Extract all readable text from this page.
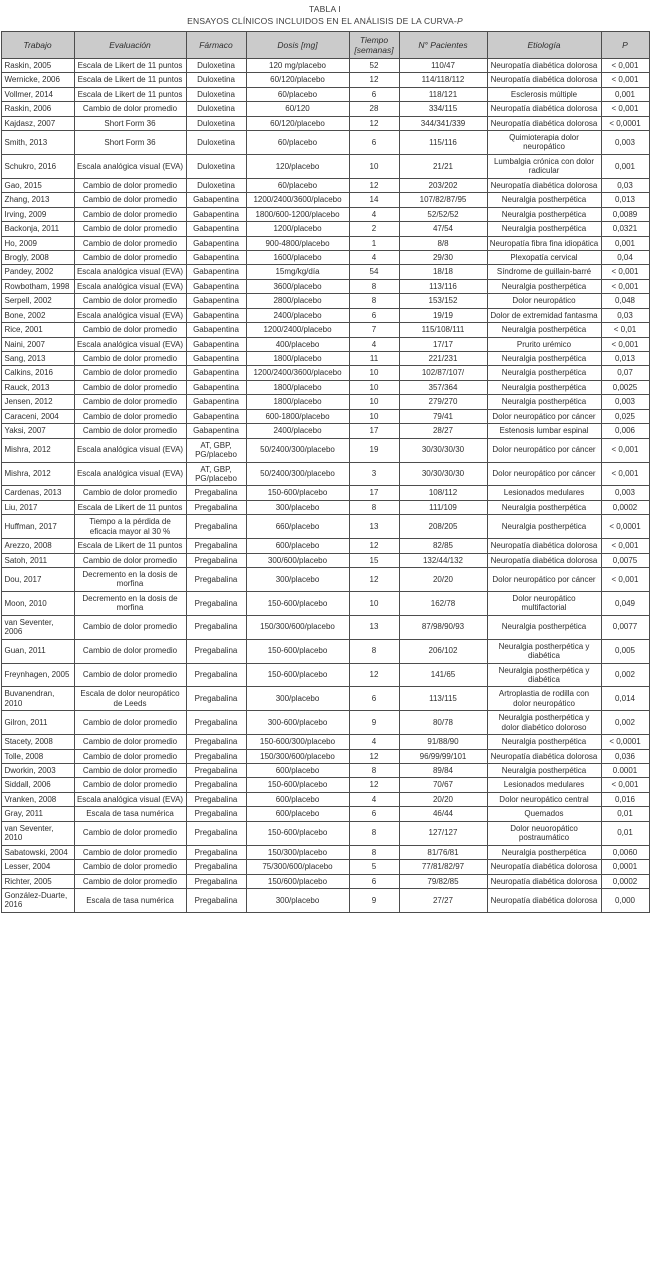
TABLA I
ENSAYOS CLÍNICOS INCLUIDOS EN EL ANÁLISIS DE LA CURVA-P
Trabajo	Evaluación	Fármaco	Dosis [mg]	Tiempo [semanas]	N° Pacientes	Etiología	P
Raskin, 2005	Escala de Likert de 11 puntos	Duloxetina	120 mg/placebo	52	110/47	Neuropatía diabética dolorosa	< 0,001
Wernicke, 2006	Escala de Likert de 11 puntos	Duloxetina	60/120/placebo	12	114/118/112	Neuropatía diabética dolorosa	< 0,001
Vollmer, 2014	Escala de Likert de 11 puntos	Duloxetina	60/placebo	6	118/121	Esclerosis múltiple	0,001
Raskin, 2006	Cambio de dolor promedio	Duloxetina	60/120	28	334/115	Neuropatía diabética dolorosa	< 0,001
Kajdasz, 2007	Short Form 36	Duloxetina	60/120/placebo	12	344/341/339	Neuropatía diabética dolorosa	< 0,0001
Smith, 2013	Short Form 36	Duloxetina	60/placebo	6	115/116	Quimioterapia dolor neuropático	0,003
Schukro, 2016	Escala analógica visual (EVA)	Duloxetina	120/placebo	10	21/21	Lumbalgia crónica con dolor radicular	0,001
Gao, 2015	Cambio de dolor promedio	Duloxetina	60/placebo	12	203/202	Neuropatía diabética dolorosa	0,03
Zhang, 2013	Cambio de dolor promedio	Gabapentina	1200/2400/3600/placebo	14	107/82/87/95	Neuralgia postherpética	0,013
Irving, 2009	Cambio de dolor promedio	Gabapentina	1800/600-1200/placebo	4	52/52/52	Neuralgia postherpética	0,0089
Backonja, 2011	Cambio de dolor promedio	Gabapentina	1200/placebo	2	47/54	Neuralgia postherpética	0,0321
Ho, 2009	Cambio de dolor promedio	Gabapentina	900-4800/placebo	1	8/8	Neuropatía fibra fina idiopática	0,001
Brogly, 2008	Cambio de dolor promedio	Gabapentina	1600/placebo	4	29/30	Plexopatía cervical	0,04
Pandey, 2002	Escala analógica visual (EVA)	Gabapentina	15mg/kg/día	54	18/18	Síndrome de guillain-barré	< 0,001
Rowbotham, 1998	Escala analógica visual (EVA)	Gabapentina	3600/placebo	8	113/116	Neuralgia postherpética	< 0,001
Serpell, 2002	Cambio de dolor promedio	Gabapentina	2800/placebo	8	153/152	Dolor neuropático	0,048
Bone, 2002	Escala analógica visual (EVA)	Gabapentina	2400/placebo	6	19/19	Dolor de extremidad fantasma	0,03
Rice, 2001	Cambio de dolor promedio	Gabapentina	1200/2400/placebo	7	115/108/111	Neuralgia postherpética	< 0,01
Naini, 2007	Escala analógica visual (EVA)	Gabapentina	400/placebo	4	17/17	Prurito urémico	< 0,001
Sang, 2013	Cambio de dolor promedio	Gabapentina	1800/placebo	11	221/231	Neuralgia postherpética	0,013
Calkins, 2016	Cambio de dolor promedio	Gabapentina	1200/2400/3600/placebo	10	102/87/107/	Neuralgia postherpética	0,07
Rauck, 2013	Cambio de dolor promedio	Gabapentina	1800/placebo	10	357/364	Neuralgia postherpética	0,0025
Jensen, 2012	Cambio de dolor promedio	Gabapentina	1800/placebo	10	279/270	Neuralgia postherpética	0,003
Caraceni, 2004	Cambio de dolor promedio	Gabapentina	600-1800/placebo	10	79/41	Dolor neuropático por cáncer	0,025
Yaksi, 2007	Cambio de dolor promedio	Gabapentina	2400/placebo	17	28/27	Estenosis lumbar espinal	0,006
Mishra, 2012	Escala analógica visual (EVA)	AT, GBP, PG/placebo	50/2400/300/placebo	19	30/30/30/30	Dolor neuropático por cáncer	< 0,001
Mishra, 2012	Escala analógica visual (EVA)	AT, GBP, PG/placebo	50/2400/300/placebo	3	30/30/30/30	Dolor neuropático por cáncer	< 0,001
Cardenas, 2013	Cambio de dolor promedio	Pregabalina	150-600/placebo	17	108/112	Lesionados medulares	0,003
Liu, 2017	Escala de Likert de 11 puntos	Pregabalina	300/placebo	8	111/109	Neuralgia postherpética	0,0002
Huffman, 2017	Tiempo a la pérdida de eficacia mayor al 30 %	Pregabalina	660/placebo	13	208/205	Neuralgia postherpética	< 0,0001
Arezzo, 2008	Escala de Likert de 11 puntos	Pregabalina	600/placebo	12	82/85	Neuropatía diabética dolorosa	< 0,001
Satoh, 2011	Cambio de dolor promedio	Pregabalina	300/600/placebo	15	132/44/132	Neuropatía diabética dolorosa	0,0075
Dou, 2017	Decremento en la dosis de morfina	Pregabalina	300/placebo	12	20/20	Dolor neuropático por cáncer	< 0,001
Moon, 2010	Decremento en la dosis de morfina	Pregabalina	150-600/placebo	10	162/78	Dolor neuropático multifactorial	0,049
van Seventer, 2006	Cambio de dolor promedio	Pregabalina	150/300/600/placebo	13	87/98/90/93	Neuralgia postherpética	0,0077
Guan, 2011	Cambio de dolor promedio	Pregabalina	150-600/placebo	8	206/102	Neuralgia postherpética y diabética	0,005
Freynhagen, 2005	Cambio de dolor promedio	Pregabalina	150-600/placebo	12	141/65	Neuralgia postherpética y diabética	0,002
Buvanendran, 2010	Escala de dolor neuropático de Leeds	Pregabalina	300/placebo	6	113/115	Artroplastia de rodilla con dolor neuropático	0,014
Gilron, 2011	Cambio de dolor promedio	Pregabalina	300-600/placebo	9	80/78	Neuralgia postherpética y dolor diabético doloroso	0,002
Stacety, 2008	Cambio de dolor promedio	Pregabalina	150-600/300/placebo	4	91/88/90	Neuralgia postherpética	< 0,0001
Tolle, 2008	Cambio de dolor promedio	Pregabalina	150/300/600/placebo	12	96/99/99/101	Neuropatía diabética dolorosa	0,036
Dworkin, 2003	Cambio de dolor promedio	Pregabalina	600/placebo	8	89/84	Neuralgia postherpética	0.0001
Siddall, 2006	Cambio de dolor promedio	Pregabalina	150-600/placebo	12	70/67	Lesionados medulares	< 0,001
Vranken, 2008	Escala analógica visual (EVA)	Pregabalina	600/placebo	4	20/20	Dolor neuropático central	0,016
Gray, 2011	Escala de tasa numérica	Pregabalina	600/placebo	6	46/44	Quemados	0,01
van Seventer, 2010	Cambio de dolor promedio	Pregabalina	150-600/placebo	8	127/127	Dolor neuoropático postraumático	0,01
Sabatowski, 2004	Cambio de dolor promedio	Pregabalina	150/300/placebo	8	81/76/81	Neuralgia postherpética	0,0060
Lesser, 2004	Cambio de dolor promedio	Pregabalina	75/300/600/placebo	5	77/81/82/97	Neuropatía diabética dolorosa	0,0001
Richter, 2005	Cambio de dolor promedio	Pregabalina	150/600/placebo	6	79/82/85	Neuropatía diabética dolorosa	0,0002
González-Duarte, 2016	Escala de tasa numérica	Pregabalina	300/placebo	9	27/27	Neuropatía diabética dolorosa	0,000
